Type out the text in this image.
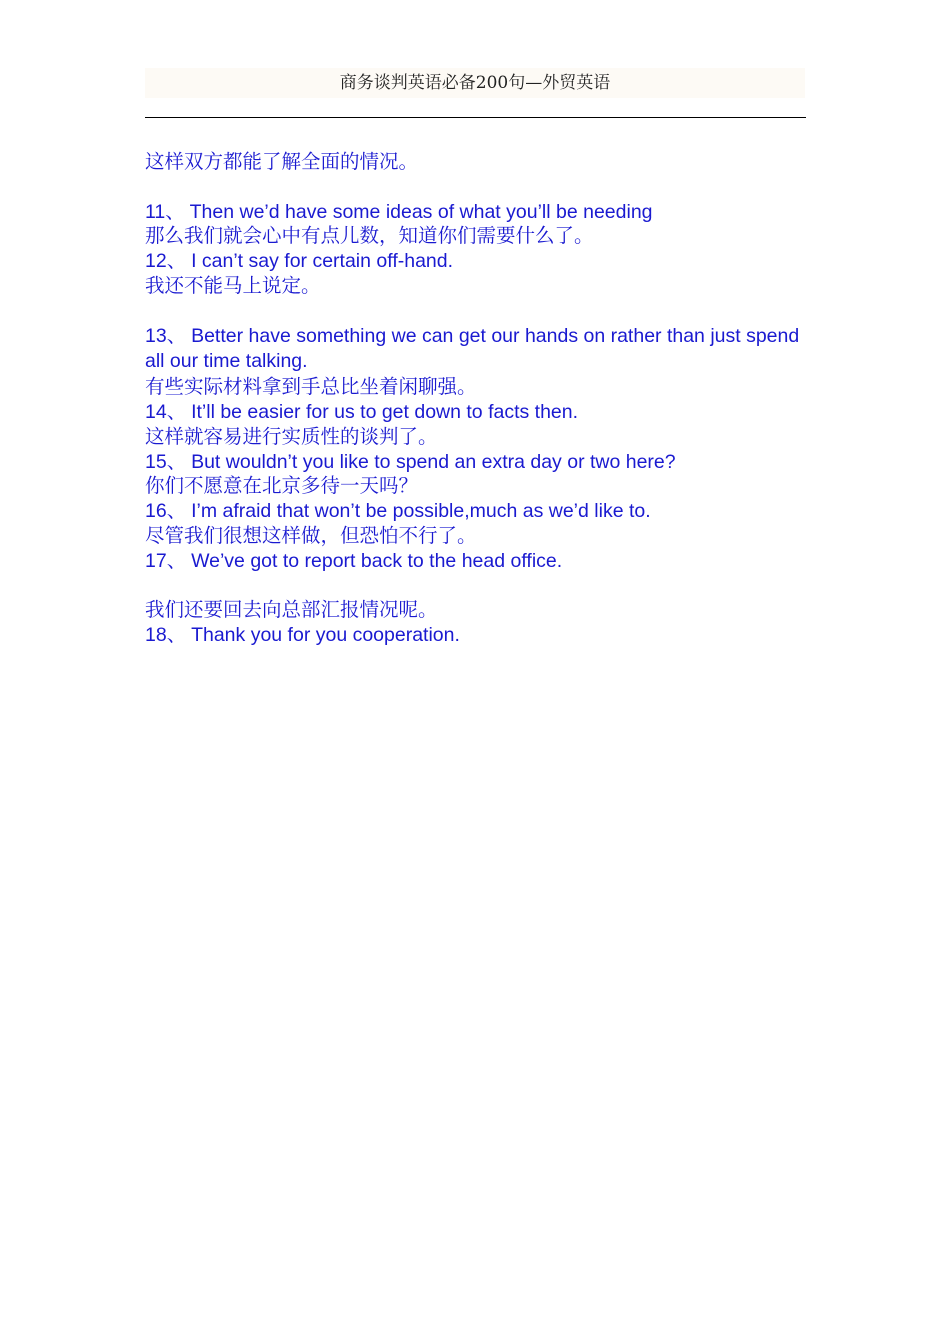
商务谈判英语必备200句—外贸英语
这样双方都能了解全面的情况。
11、 Then we’d have some ideas of what you’ll be needing
那么我们就会心中有点儿数，知道你们需要什么了。
12、 I can’t say for certain off-hand.
我还不能马上说定。
13、 Better have something we can get our hands on rather than just spend all our time talking.
有些实际材料拿到手总比坐着闲聊强。
14、 It’ll be easier for us to get down to facts then.
这样就容易进行实质性的谈判了。
15、 But wouldn’t you like to spend an extra day or two here?
你们不愿意在北京多待一天吗？
16、 I’m afraid that won’t be possible,much as we’d like to.
尽管我们很想这样做，但恐怕不行了。
17、 We’ve got to report back to the head office.
我们还要回去向总部汇报情况呢。
18、 Thank you for you cooperation.
